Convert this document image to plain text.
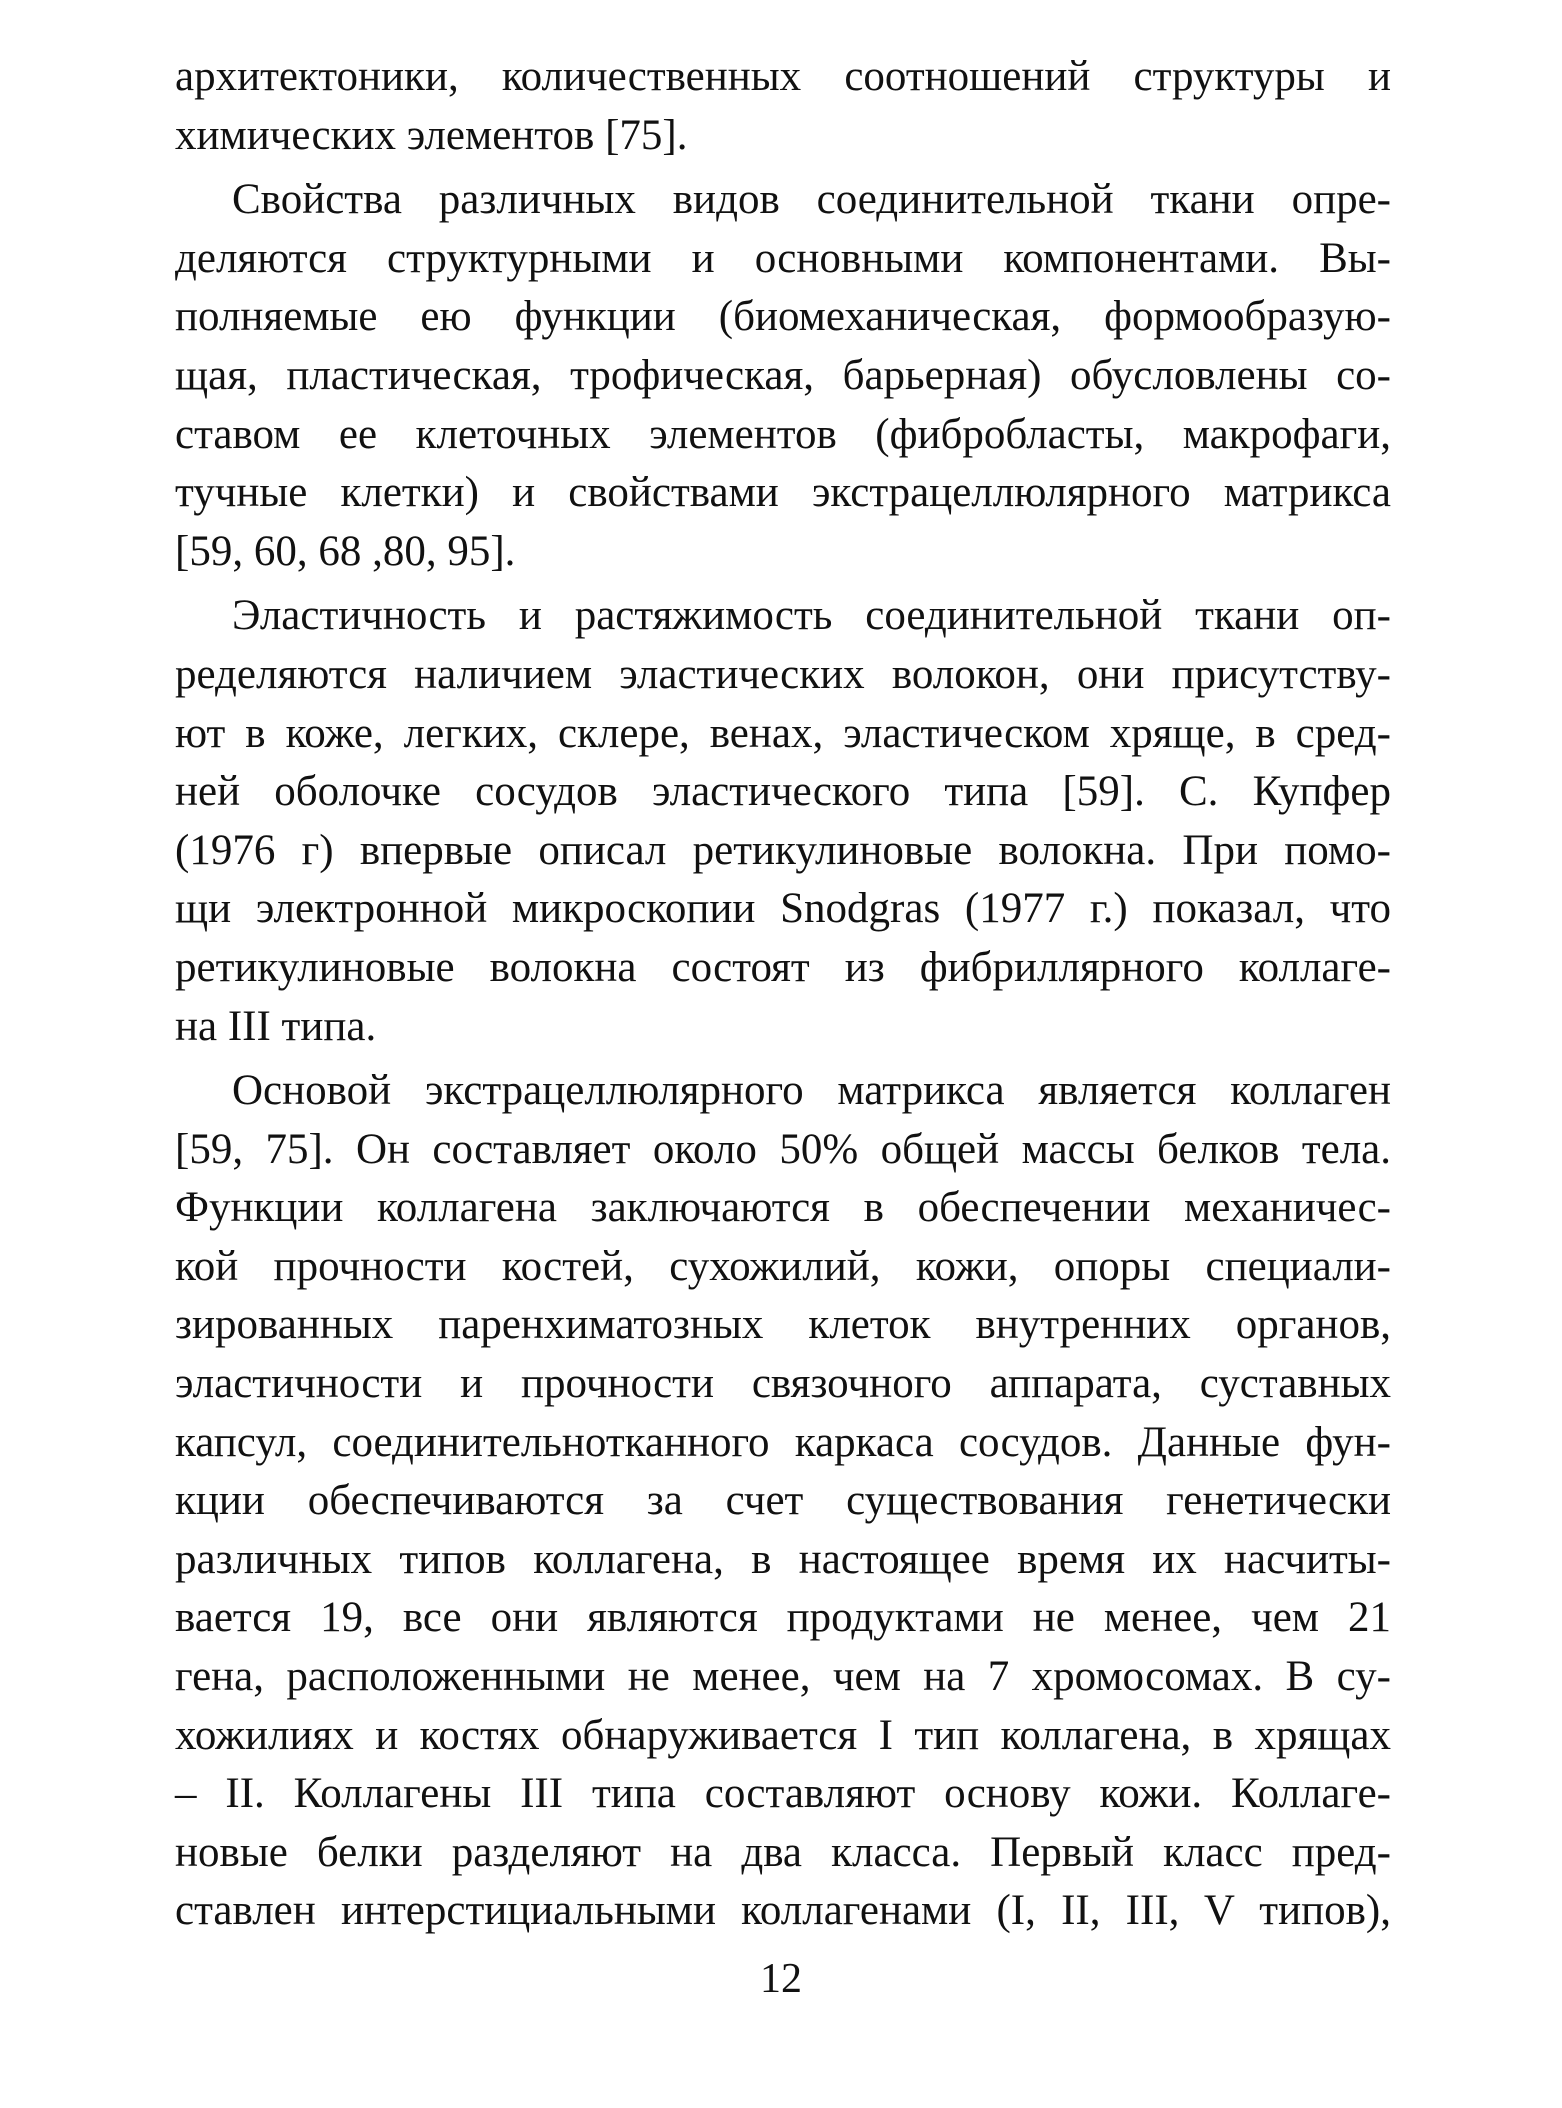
архитектоники, количественных соотношений структуры и
химических элементов [75].
Свойства различных видов соединительной ткани опре-
деляются структурными и основными компонентами. Вы-
полняемые ею функции (биомеханическая, формообразую-
щая, пластическая, трофическая, барьерная) обусловлены со-
ставом ее клеточных элементов (фибробласты, макрофаги,
тучные клетки) и свойствами экстрацеллюлярного матрикса
[59, 60, 68 ,80, 95].
Эластичность и растяжимость соединительной ткани оп-
ределяются наличием эластических волокон, они присутству-
ют в коже, легких, склере, венах, эластическом хряще, в сред-
ней оболочке сосудов эластического типа [59]. С. Купфер
(1976 г) впервые описал ретикулиновые волокна. При помо-
щи электронной микроскопии Snodgras (1977 г.) показал, что
ретикулиновые волокна состоят из фибриллярного коллаге-
на III типа.
Основой экстрацеллюлярного матрикса является коллаген
[59, 75]. Он составляет около 50% общей массы белков тела.
Функции коллагена заключаются в обеспечении механичес-
кой прочности костей, сухожилий, кожи, опоры специали-
зированных паренхиматозных клеток внутренних органов,
эластичности и прочности связочного аппарата, суставных
капсул, соединительнотканного каркаса сосудов. Данные фун-
кции обеспечиваются за счет существования генетически
различных типов коллагена, в настоящее время их насчиты-
вается 19, все они являются продуктами не менее, чем 21
гена, расположенными не менее, чем на 7 хромосомах. В су-
хожилиях и костях обнаруживается I тип коллагена, в хрящах
– II. Коллагены III типа составляют основу кожи. Коллаге-
новые белки разделяют на два класса. Первый класс пред-
ставлен интерстициальными коллагенами (I, II, III, V типов),
12
